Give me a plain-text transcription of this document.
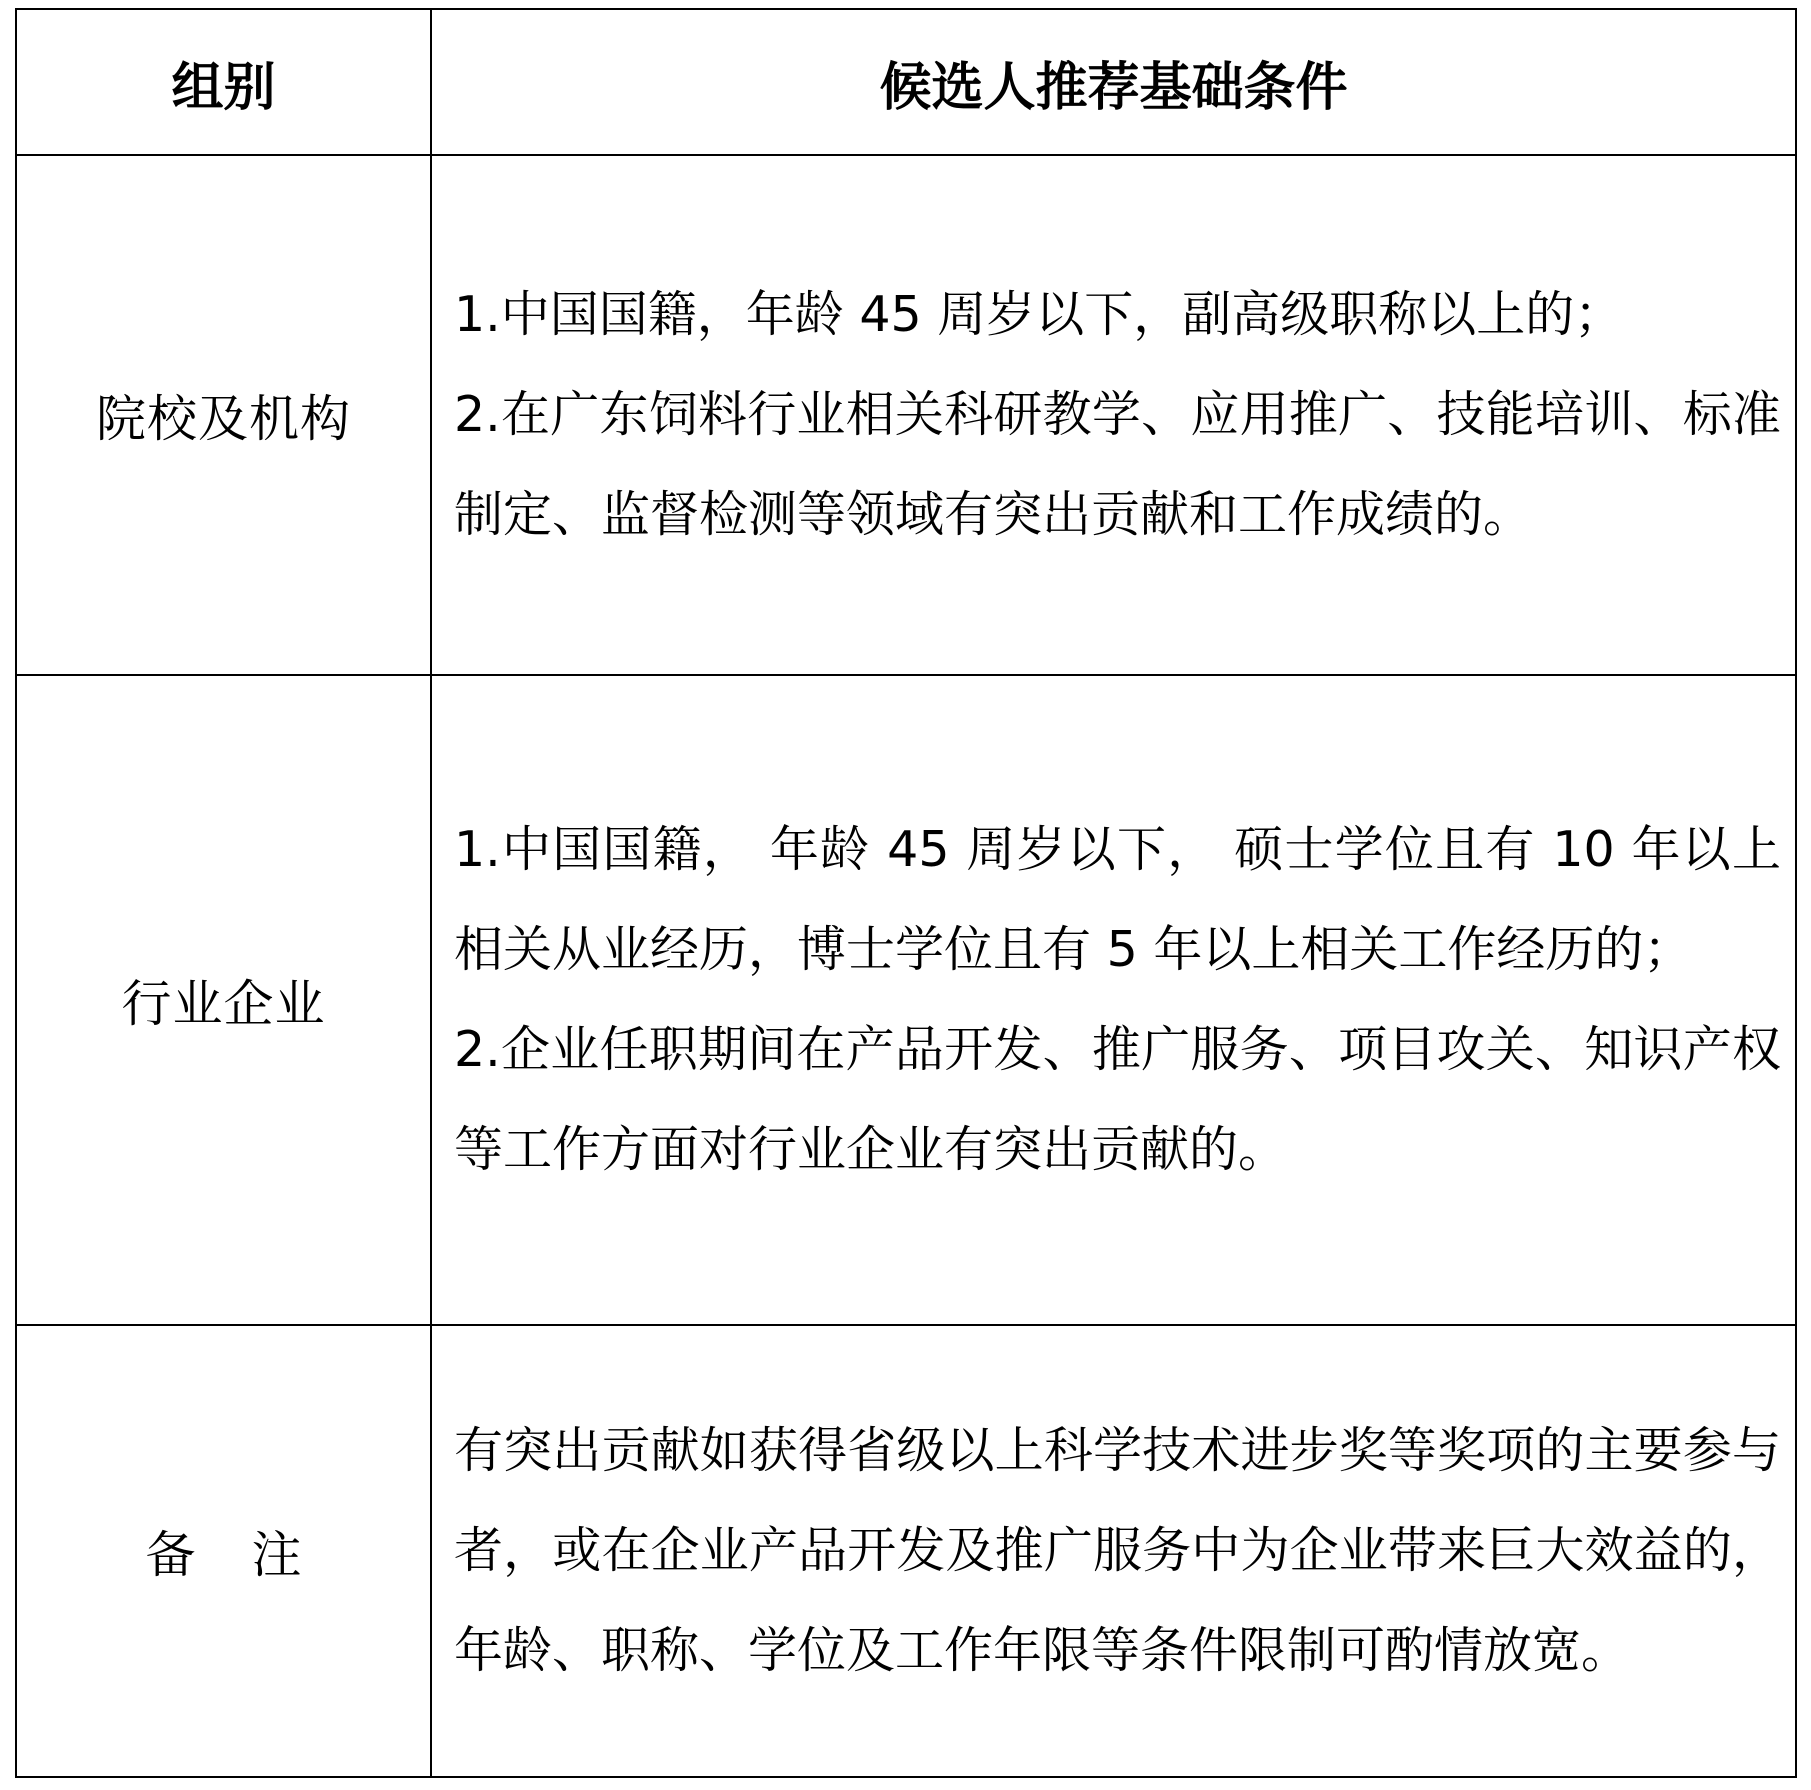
组别	候选人推荐基础条件
院校及机构	1.中国国籍，年龄 45 周岁以下，副高级职称以上的；
2.在广东饲料行业相关科研教学、应用推广、技能培训、标准制定、监督检测等领域有突出贡献和工作成绩的。

行业企业	1.中国国籍， 年龄 45 周岁以下， 硕士学位且有 10 年以上相关从业经历，博士学位且有 5 年以上相关工作经历的；
2.企业任职期间在产品开发、推广服务、项目攻关、知识产权等工作方面对行业企业有突出贡献的。

备注	有突出贡献如获得省级以上科学技术进步奖等奖项的主要参与者，或在企业产品开发及推广服务中为企业带来巨大效益的，年龄、职称、学位及工作年限等条件限制可酌情放宽。
